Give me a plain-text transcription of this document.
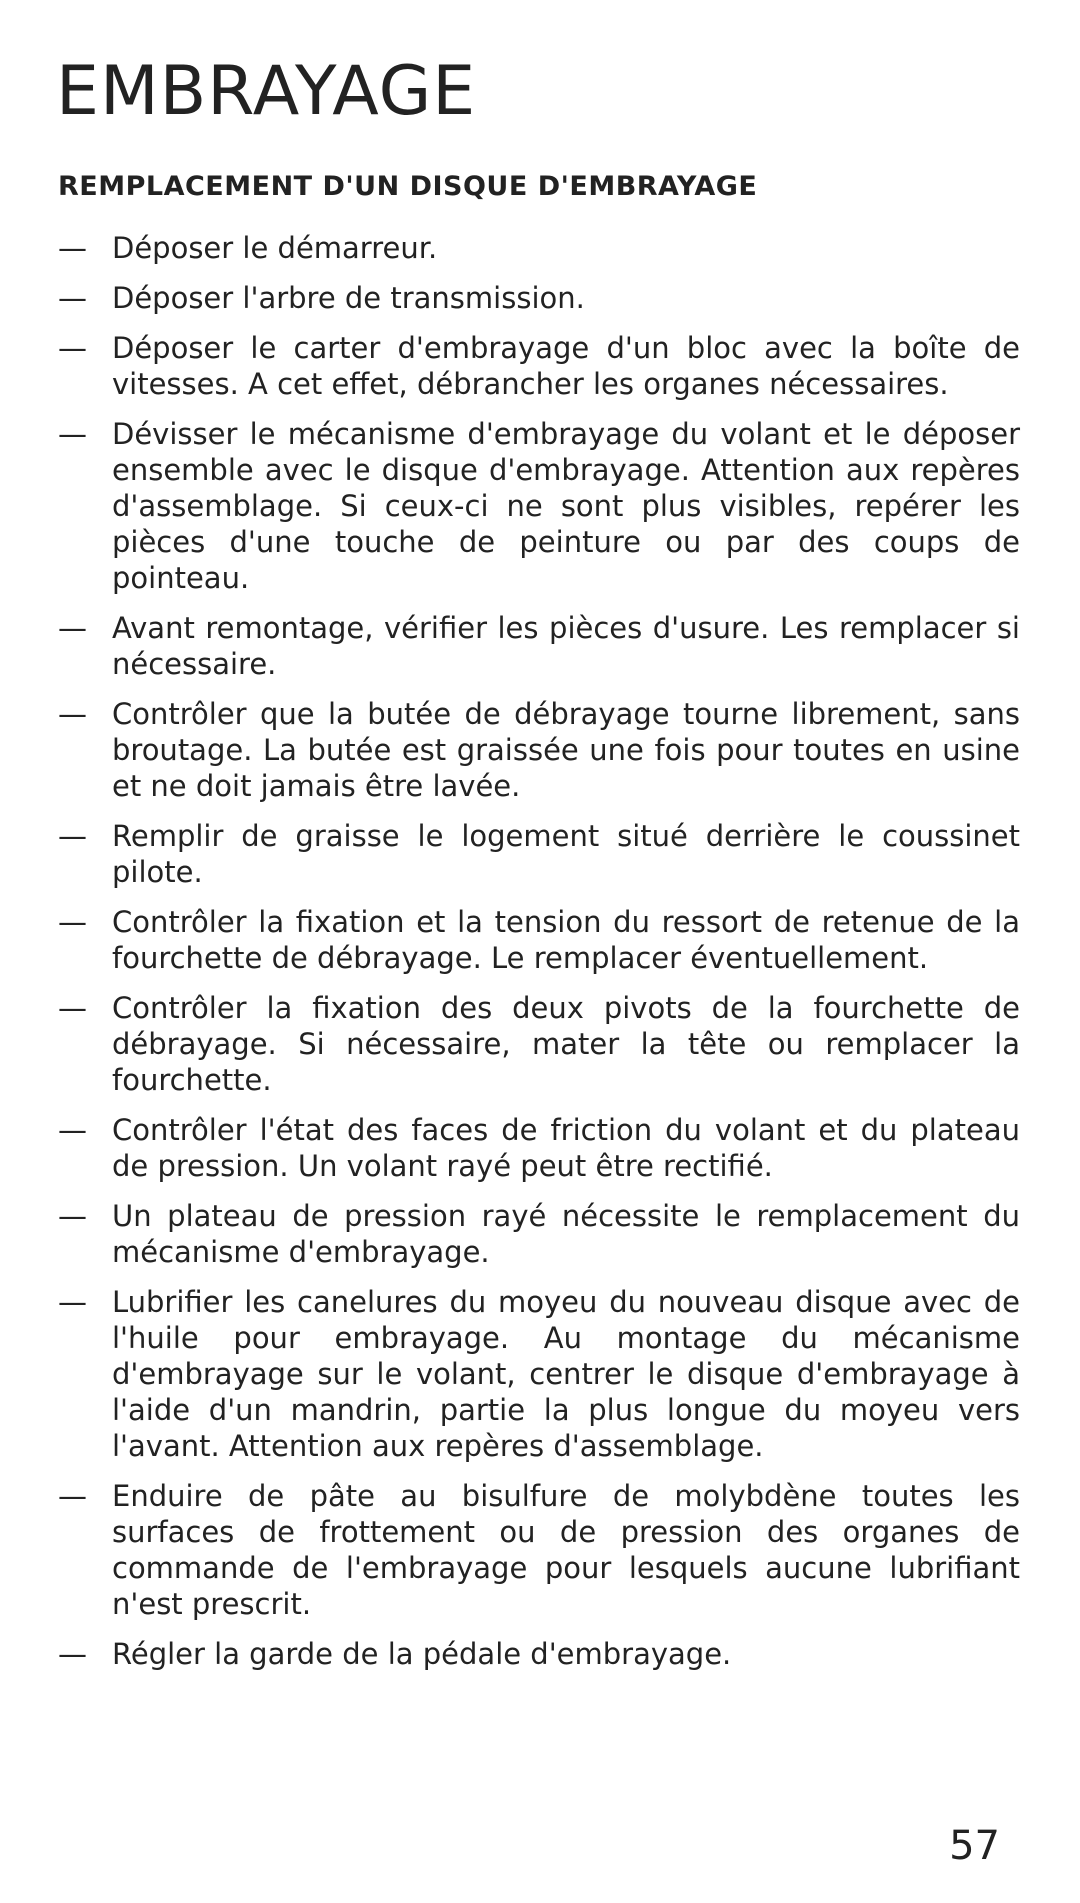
EMBRAYAGE
REMPLACEMENT D'UN DISQUE D'EMBRAYAGE
— Déposer le démarreur.
— Déposer l'arbre de transmission.
— Déposer le carter d'embrayage d'un bloc avec la boîte de vitesses. A cet effet, débrancher les organes nécessaires.
— Dévisser le mécanisme d'embrayage du volant et le déposer ensemble avec le disque d'embrayage. Attention aux repères d'assemblage. Si ceux-ci ne sont plus visibles, repérer les pièces d'une touche de peinture ou par des coups de pointeau.
— Avant remontage, vérifier les pièces d'usure. Les remplacer si nécessaire.
— Contrôler que la butée de débrayage tourne librement, sans broutage. La butée est graissée une fois pour toutes en usine et ne doit jamais être lavée.
— Remplir de graisse le logement situé derrière le coussinet pilote.
— Contrôler la fixation et la tension du ressort de retenue de la fourchette de débrayage. Le remplacer éventuellement.
— Contrôler la fixation des deux pivots de la fourchette de débrayage. Si nécessaire, mater la tête ou remplacer la fourchette.
— Contrôler l'état des faces de friction du volant et du plateau de pression. Un volant rayé peut être rectifié.
— Un plateau de pression rayé nécessite le remplacement du mécanisme d'embrayage.
— Lubrifier les canelures du moyeu du nouveau disque avec de l'huile pour embrayage. Au montage du mécanisme d'embrayage sur le volant, centrer le disque d'embrayage à l'aide d'un mandrin, partie la plus longue du moyeu vers l'avant. Attention aux repères d'assemblage.
— Enduire de pâte au bisulfure de molybdène toutes les surfaces de frottement ou de pression des organes de commande de l'embrayage pour lesquels aucune lubrifiant n'est prescrit.
— Régler la garde de la pédale d'embrayage.
57
